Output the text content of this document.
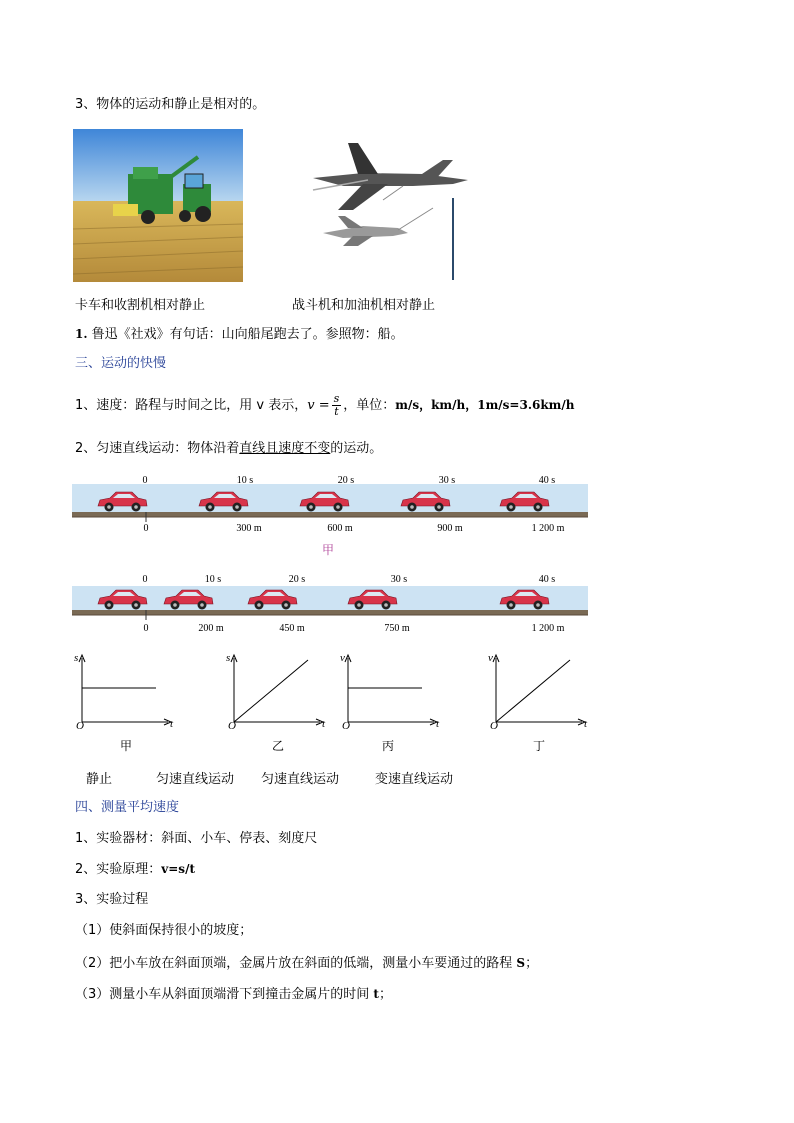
3、物体的运动和静止是相对的。
卡车和收割机相对静止	战斗机和加油机相对静止
1. 鲁迅《社戏》有句话：山向船尾跑去了。参照物：船。
三、运动的快慢
1、速度：路程与时间之比，用 v 表示，$v = \frac{s}{t}$ ，单位：m/s，km/h，1m/s=3.6km/h
2、匀速直线运动：物体沿着直线且速度不变的运动。
0	10 s	20 s	30 s	40 s
0	300 m	600 m	900 m	1 200 m
甲
0	10 s	20 s	30 s	40 s
0	200 m	450 m	750 m	1 200 m
s
t
O
甲
静止
s
t
O
乙
匀速直线运动
v
t
O
丙
匀速直线运动
v
t
O
丁
变速直线运动
四、测量平均速度
1、实验器材：斜面、小车、停表、刻度尺
2、实验原理：v=s/t
3、实验过程
（1）使斜面保持很小的坡度；
（2）把小车放在斜面顶端，金属片放在斜面的低端，测量小车要通过的路程 S；
（3）测量小车从斜面顶端滑下到撞击金属片的时间 t；
